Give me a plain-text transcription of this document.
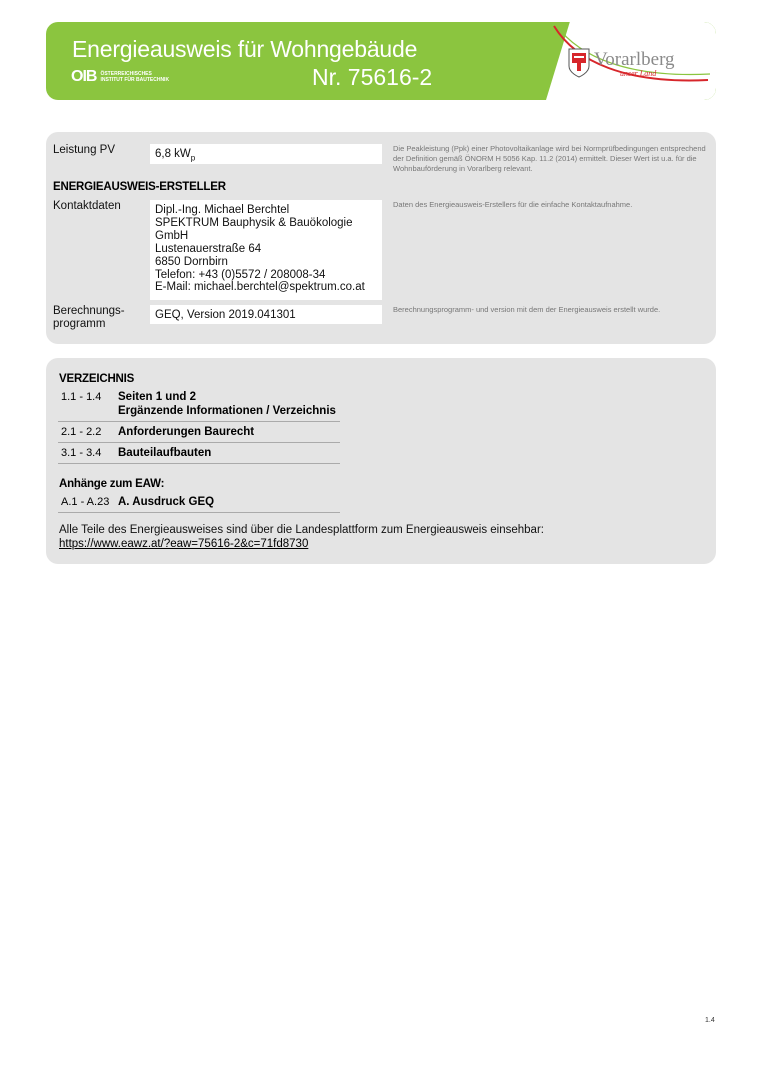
Energieausweis für Wohngebäude
Nr. 75616-2
OIB ÖSTERREICHISCHES
INSTITUT FÜR BAUTECHNIK
Vorarlberg
unser Land
Leistung PV	6,8 $kW_p$
Die Peakleistung (Ppk) einer Photovoltaikanlage wird bei Normprüfbedingungen entsprechend der Definition gemäß ÖNORM H 5056 Kap. 11.2 (2014) ermittelt. Dieser Wert ist u.a. für die Wohnbauförderung in Vorarlberg relevant.
ENERGIEAUSWEIS-ERSTELLER
Kontaktdaten	Dipl.-Ing. Michael Berchtel
SPEKTRUM Bauphysik & Bauökologie
GmbH
Lustenauerstraße 64
6850 Dornbirn
Telefon: +43 (0)5572 / 208008-34
E-Mail: michael.berchtel@spektrum.co.at
Daten des Energieausweis-Erstellers für die einfache Kontaktaufnahme.
Berechnungs-
programm
GEQ, Version 2019.041301	Berechnungsprogramm- und version mit dem der Energieausweis erstellt wurde.
VERZEICHNIS
1.1 - 1.4 Seiten 1 und 2
Ergänzende Informationen / Verzeichnis
2.1 - 2.2 Anforderungen Baurecht
3.1 - 3.4 Bauteilaufbauten
Anhänge zum EAW:
A.1 - A.23 A. Ausdruck GEQ
Alle Teile des Energieausweises sind über die Landesplattform zum Energieausweis einsehbar:
https://www.eawz.at/?eaw=75616-2&c=71fd8730
1.4
